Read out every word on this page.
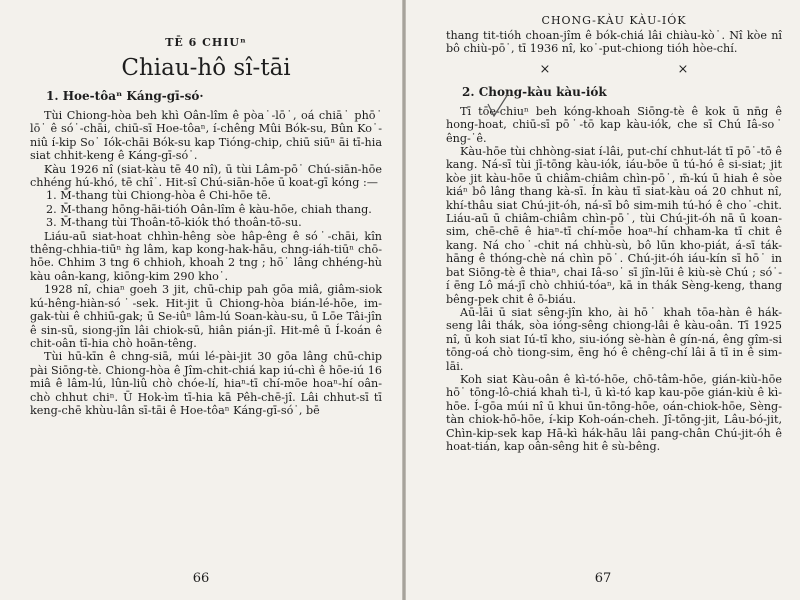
TĒ 6 CHIUⁿ
Chiau-hô sî-tāi
1. Hoe-tôaⁿ Káng-gī-só·

Tùi Chiong-hòa beh khì Oân-lîm ê pòa˙-lō˙, oá chiā˙ phō˙ lō˙ ê só˙-chāi, chiū-sī Hoe-tôaⁿ, í-chêng Mûi Bók-su, Bûn Ko˙-niû í-kip So˙ Iók-chāi Bók-su kap Tióng-chip, chiū siūⁿ āi tī-hia siat chhit-keng ê Káng-gī-só˙.

Kàu 1926 nî (siat-kàu tē 40 nî), ū tùi Lâm-pō˙ Chú-siān-hōe chhéng hú-khó, tē chî˙. Hit-sî Chú-siān-hōe ū koat-gī kóng :—

1. M̄-thang tùi Chiong-hòa ê Chi-hōe tē.
2. M̄-thang hōng-hāi-tióh Oân-lîm ê kàu-hōe, chiah thang.
3. M̄-thang tùi Thoân-tō-kiók thó thoân-tō-su.

Liáu-aū siat-hoat chhìn-hêng sòe hâp-êng ê só˙-chāi, kîn thêng-chhia-tiūⁿ ǹg lâm, kap kong-hak-hāu, chng-iáh-tiūⁿ chō-hōe. Chhim 3 tng 6 chhioh, khoah 2 tng ; hō˙ lâng chhéng-hù kàu oân-kang, kiōng-kim 290 kho˙.

1928 nî, chiaⁿ goeh 3 jit, chū-chip pah gōa miâ, giâm-siok kú-hêng-hiàn-só˙-sek. Hit-jit ū Chiong-hòa bián-lé-hōe, im-gak-tùi ê chhiū-gak; ū Se-iûⁿ lâm-lú Soan-kàu-su, ū Lōe Tâi-jîn ê sin-sū, siong-jîn lâi chiok-sū, hiân pián-jî. Hit-mê ū Í-koán ê chit-oân tī-hia chò hoān-têng.

Tùi hū-kīn ê chng-siā, múi lé-pài-jit 30 gōa lâng chū-chip pài Siōng-tè. Chiong-hòa ê Jîm-chit-chiá kap iú-chì ê hōe-iú 16 miâ ê lâm-lú, lûn-liû chò chóe-lí, hiaⁿ-tī chí-mōe hoaⁿ-hí oân-chò chhut chiⁿ. Ū Hok-ìm tī-hia kā Pêh-chē-jî. Lâi chhut-sī tī keng-chē khùu-lân sī-tāi ê Hoe-tôaⁿ Káng-gī-só˙, bē

66
CHONG-KÀU KÀU-IÓK

thang tit-tióh choan-jîm ê bók-chiá lâi chiàu-kò˙. Nî kòe nî bô chiù-pō˙, tī 1936 nî, ko˙-put-chiong tióh hòe-chí.

×	×
2. Chong-kàu kàu-iók

Tī tōe-chiuⁿ beh kóng-khoah Siōng-tè ê kok ū nn̄g ê hong-hoat, chiū-sī pō˙-tō kap kàu-iók, che sī Chú Iâ-so˙ êng-˙ê.

Kàu-hōe tùi chhòng-siat í-lâi, put-chí chhut-lát tī pō˙-tō ê kang. Ná-sī tùi jī-tōng kàu-iók, iáu-bōe ū tú-hó ê si-siat; jit kòe jit kàu-hōe ū chiâm-chiâm chìn-pō˙, m̄-kú ū hiah ê sòe kiáⁿ bô lâng thang kà-sī. Ín kàu tī siat-kàu oá 20 chhut nî, khí-thâu siat Chú-jit-óh, ná-sī bô sim-mih tú-hó ê cho˙-chit. Liáu-aū ū chiâm-chiâm chìn-pō˙, tùi Chú-jit-óh nā ū koan-sim, chē-chē ê hiaⁿ-tī chí-mōe hoaⁿ-hí chham-ka tī chit ê kang. Ná cho˙-chit ná chhù-sù, bô lūn kho-piát, á-sī ták-hāng ê thóng-chè ná chìn pō˙. Chú-jit-óh iáu-kín sī hō˙ in bat Siōng-tè ê thiaⁿ, chai Iâ-so˙ sī jîn-lūi ê kiù-sè Chú ; só˙-í ēng Lô má-jī chò chhiú-tóaⁿ, kā in thák Sèng-keng, thang bêng-pek chit ê ō-biáu.

Aū-lāi ū siat sêng-jîn kho, ài hō˙ khah tōa-hàn ê hák-seng lâi thák, sòa ióng-sêng chiong-lâi ê kàu-oân. Tī 1925 nî, ū koh siat Iú-tī kho, siu-ióng sè-hàn ê gín-ná, êng gîm-si tōng-oá chò tiong-sim, ēng hó ê chêng-chí lâi ā tī in ê sim-lāi.

Koh siat Kàu-oân ê kì-tó-hōe, chō-tâm-hōe, gián-kiù-hōe hō˙ tōng-lô-chiá khah tì-l, ū kì-tó kap kau-pōe gián-kiù ê kì-hōe. Í-gōa múi nî ū khui ūn-tōng-hōe, oán-chiok-hōe, Sèng-tàn chiok-hō-hōe, í-kip Koh-oán-cheh. Jî-tōng-jit, Lâu-bó-jit, Chìn-kip-sek kap Hā-kì hák-hāu lâi pang-chân Chú-jit-óh ê hoat-tián, kap oân-sêng hit ê sù-bêng.

67
